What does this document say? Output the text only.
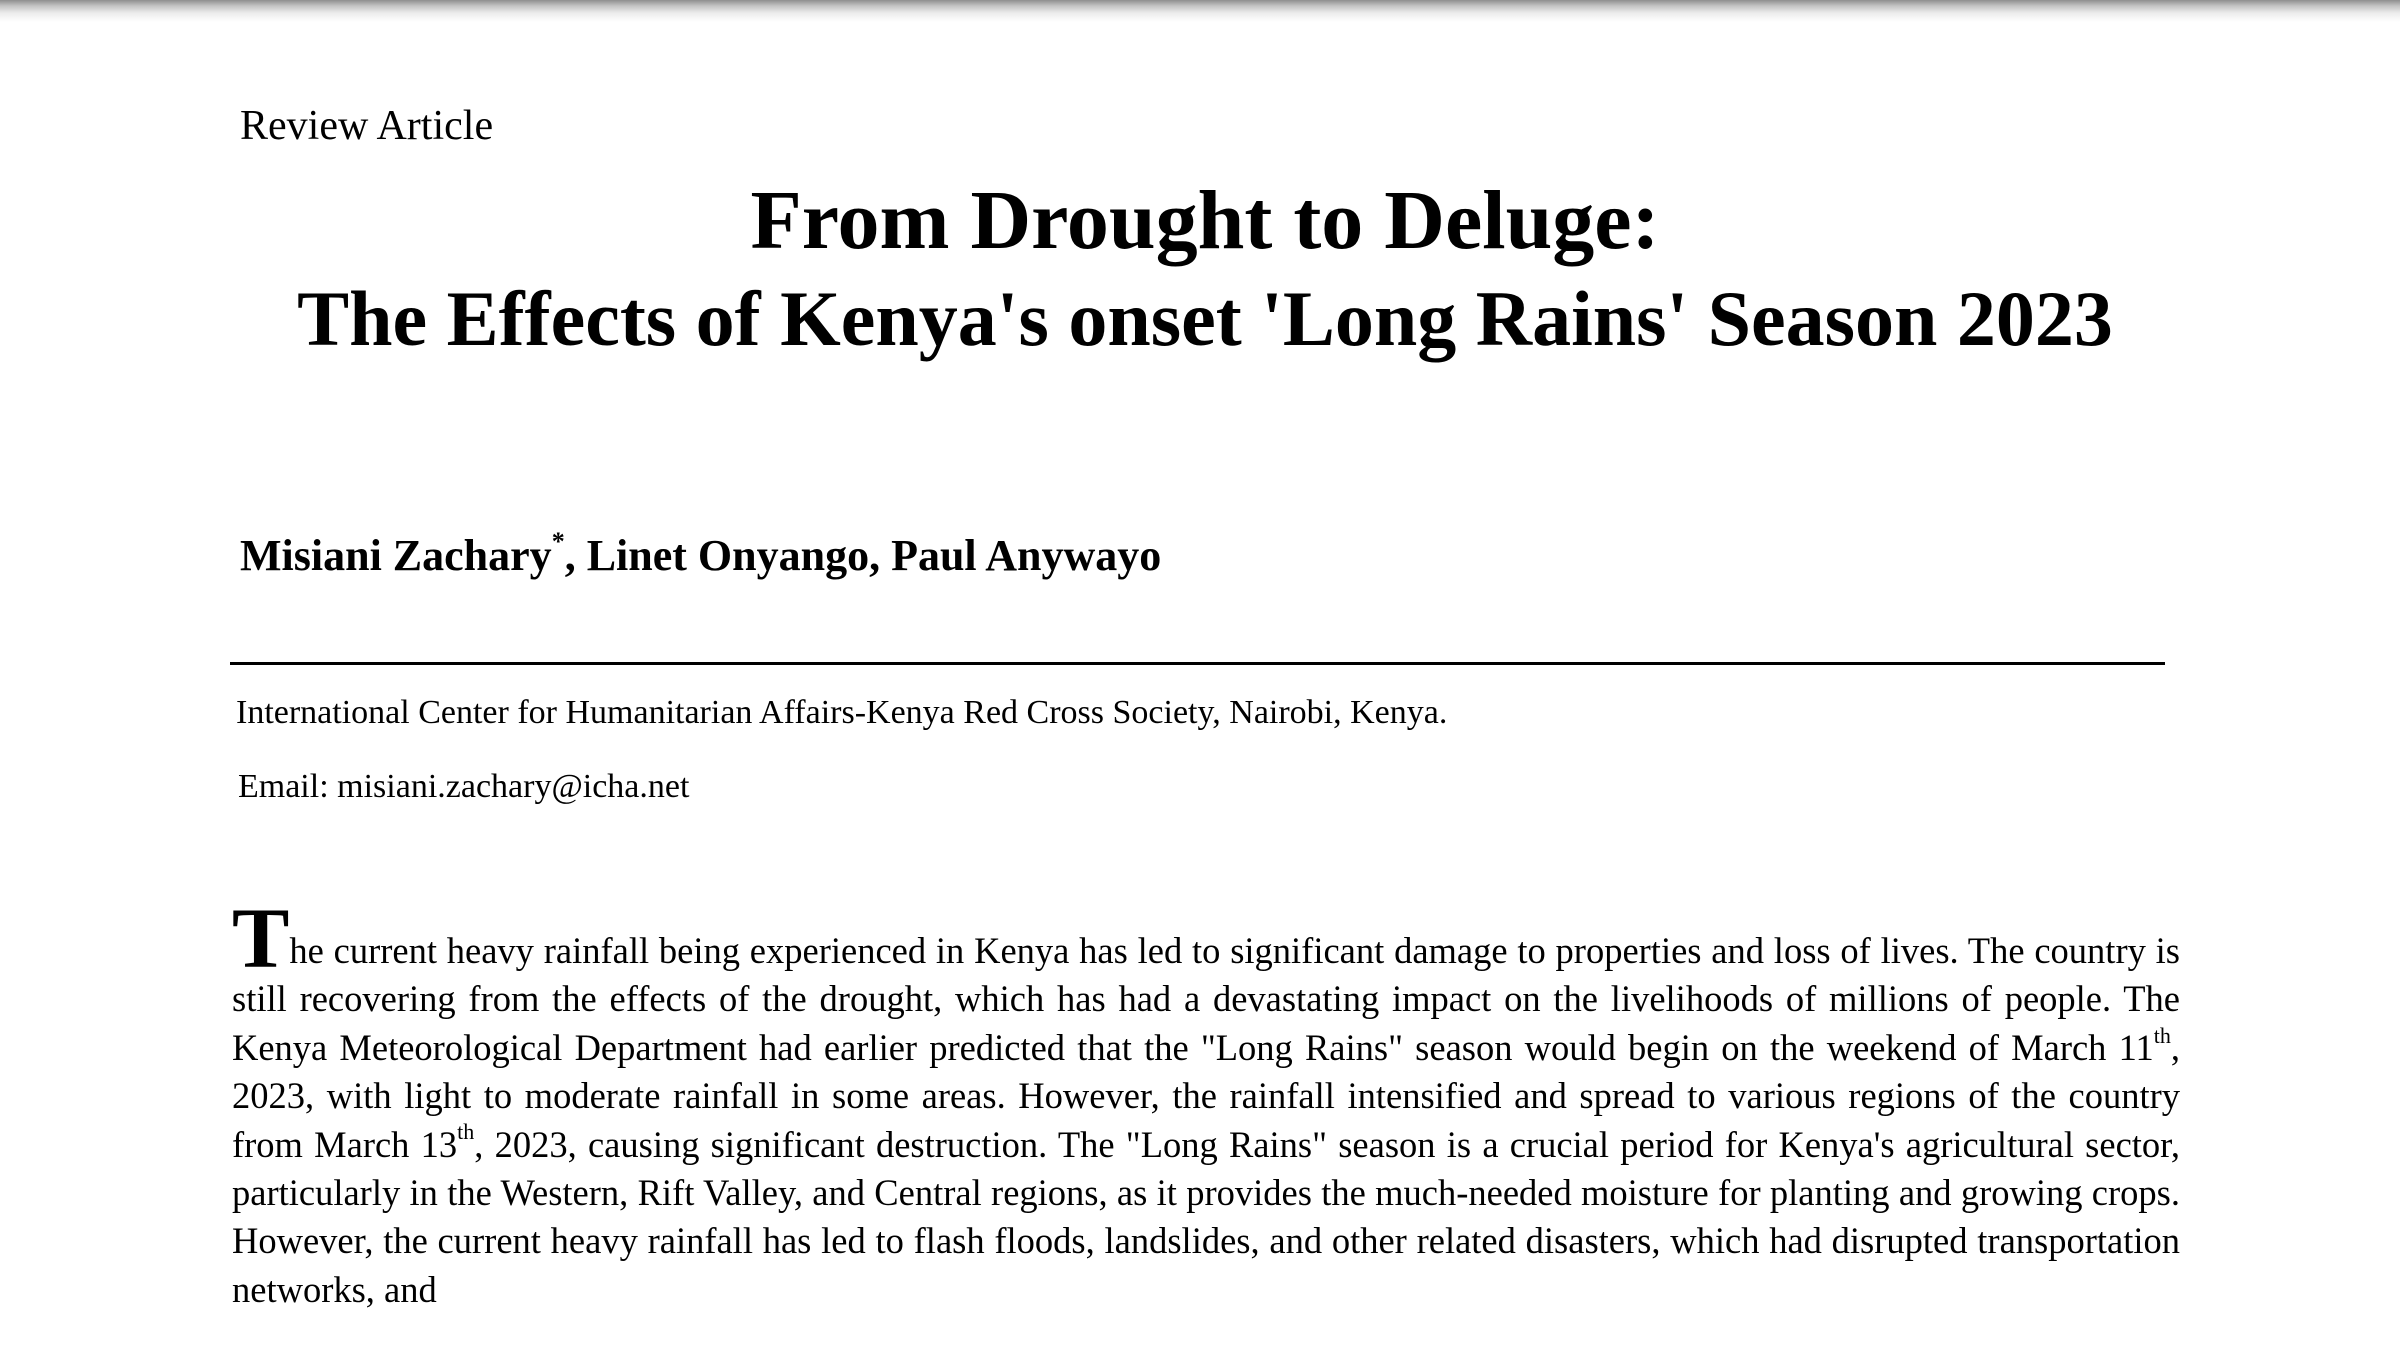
Review Article
From Drought to Deluge:
The Effects of Kenya's onset 'Long Rains' Season 2023
Misiani Zachary*, Linet Onyango, Paul Anywayo
International Center for Humanitarian Affairs-Kenya Red Cross Society, Nairobi, Kenya.
Email: misiani.zachary@icha.net

The current heavy rainfall being experienced in Kenya has led to significant damage to properties and loss of lives. The country is still recovering from the effects of the drought, which has had a devastating impact on the livelihoods of millions of people. The Kenya Meteorological Department had earlier predicted that the "Long Rains" season would begin on the weekend of March 11th, 2023, with light to moderate rainfall in some areas. However, the rainfall intensified and spread to various regions of the country from March 13th, 2023, causing significant destruction. The "Long Rains" season is a crucial period for Kenya's agricultural sector, particularly in the Western, Rift Valley, and Central regions, as it provides the much-needed moisture for planting and growing crops. However, the current heavy rainfall has led to flash floods, landslides, and other related disasters, which had disrupted transportation networks, and
